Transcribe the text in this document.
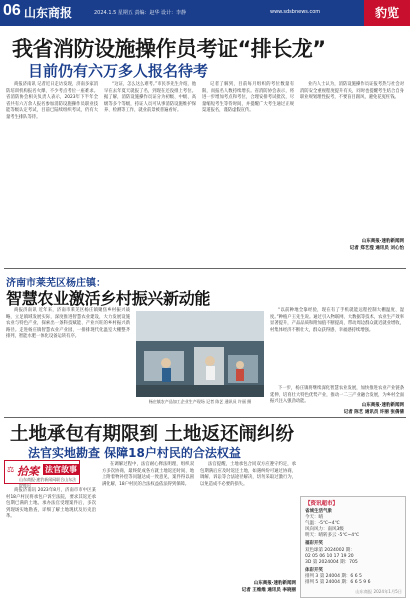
06 山东商报	2024.1.5 星期五 责编：赵华 设计：李静	www.sdsbnews.com	豹览
我省消防设施操作员考证“排长龙”
目前仍有六万多人报名待考

商报济南讯 记者近日走访发现，济南多家消防培训机构报名火爆，不少考点考位一座难求。省消防协会相关负责人表示，2023年下半年全省共有六万余人报名参加消防设施操作员职业技能等级认定考试，目前已陆续组织考试，仍有大量考生排队等待。

“这证，怎么这么难考。”市民李先生介绍，他早在去年夏天就报了名，到现在还没排上考位。据了解，消防设施操作员证分为初级、中级、高级等多个等级，持证人员可从事消防设施维护保养、检测等工作，就业前景被普遍看好。

记者了解到，目前每月组织的考位数量有限，而报名人数持续增长。省消防协会表示，将进一步增加考点和考位，合理安排考试批次，尽量缩短考生等待时间，并提醒广大考生通过正规渠道报名，谨防虚假宣传。

业内人士认为，消防设施操作员证报考热与社会对消防安全重视程度提升有关，同时也提醒考生结合自身职业规划理性报考，不要盲目跟风，避免花冤枉钱。

山东商报·速豹新闻网
记者 郑艺滢 通讯员 刘心怡
济南市莱芜区杨庄镇：
智慧农业激活乡村振兴新动能

商报济南讯 近年来，济南市莱芜区杨庄镇聚焦乡村振兴战略，立足镇域发展实际，深度推进智慧农业建设，大力发展设施农业与特色产业，探索出一条科技赋能、产业兴旺的乡村振兴新路径。走进杨庄镇智慧农业产业园，一排排现代化温室大棚整齐排列，智能水肥一体化设备运转有序。

“以前种地全靠经验，现在有了手机就能远程控制大棚温度、湿度。”种植户王先生说。通过引入物联网、大数据等技术，农业生产效率显著提升，产品品质和附加值不断提高，带动周边群众就近就业增收，村集体经济不断壮大，群众获得感、幸福感持续增强。

下一步，杨庄镇将继续深化智慧农业发展，加快推进农业产业链条延伸，培育壮大特色优势产业，推动一二三产业融合发展，为乡村全面振兴注入强劲动能。

杨庄镇农产品加工企业生产现场 记者 陈艺 通讯员 许丽 摄
山东商报·速豹新闻网
记者 陈艺 通讯员 许丽 张倩倩
土地承包有期限到 土地返还闹纠纷
法官实地勘查 保障18户村民的合法权益
⚖ 拾案 法官故事
山东商报·速豹新闻网联合山东法院推出

商报济南讯 2023年8月，济南市市中区某村18户村民将承包户诉至法院，要求其返还承包期已满的土地。承办法官受理案件后，多次到现场实地勘查，详细了解土地现状及历史沿革。

在调解过程中，法官耐心释法明理，组织双方多次协商，最终促成各方就土地返还时间、地上附着物补偿等问题达成一致意见，案件得以圆满化解，18户村民的合法权益依法得到保障。

法官提醒，土地承包合同双方应遵守约定，承包期满后应及时返还土地，如遇纠纷可通过协商、调解、诉讼等合法途径解决，切勿采取过激行为，以免造成不必要的损失。

山东商报·速豹新闻网
记者 王维维 通讯员 李晓丽
【资讯超市】
省城生活气象
今天：晴
气温：-5℃~4℃
风向风力：南风3级
明天：晴转多云 -5℃~4℃
福彩开奖
双色球第 2024002 期：
02 05 06 10 17 19 20
3D 第 2024004 期：705
体彩开奖
排列 3 第 24004 期：6 6 5
排列 5 第 24004 期：6 6 5 9 6
山东商报 2024年1月5日
